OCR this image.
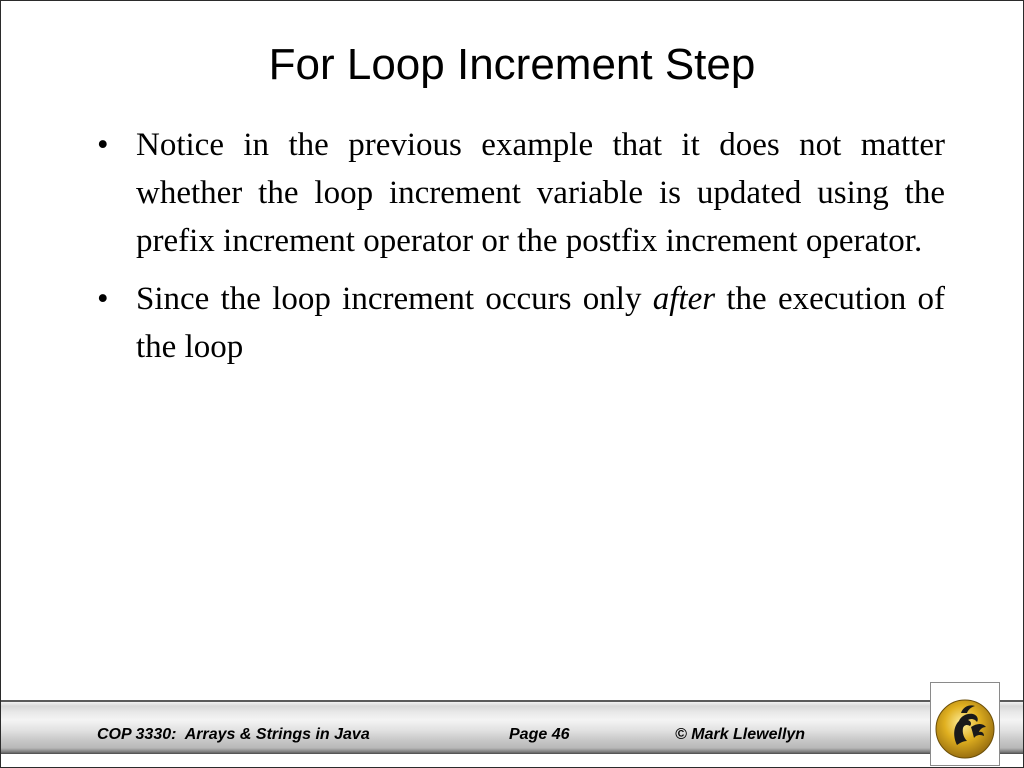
For Loop Increment Step
• Notice in the previous example that it does not matter whether the loop increment variable is updated using the prefix increment operator or the postfix increment operator.
• Since the loop increment occurs only after the execution of the loop
COP 3330:  Arrays & Strings in Java	Page 46	© Mark Llewellyn
